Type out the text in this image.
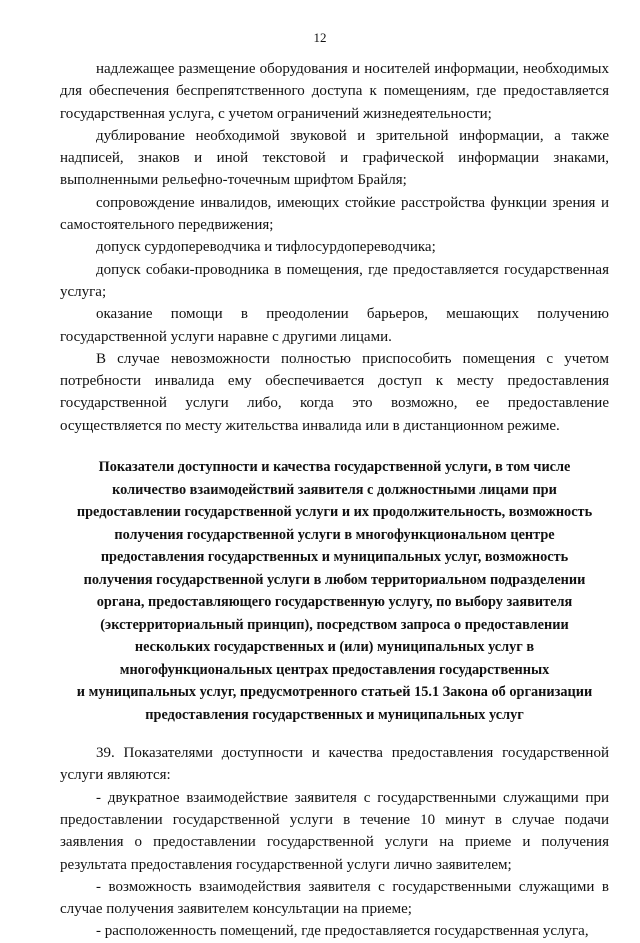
12

надлежащее размещение оборудования и носителей информации, необходимых для обеспечения беспрепятственного доступа к помещениям, где предоставляется государственная услуга, с учетом ограничений жизнедеятельности;

дублирование необходимой звуковой и зрительной информации, а также надписей, знаков и иной текстовой и графической информации знаками, выполненными рельефно-точечным шрифтом Брайля;

сопровождение инвалидов, имеющих стойкие расстройства функции зрения и самостоятельного передвижения;

допуск сурдопереводчика и тифлосурдопереводчика;

допуск собаки-проводника в помещения, где предоставляется государственная услуга;

оказание помощи в преодолении барьеров, мешающих получению государственной услуги наравне с другими лицами.

В случае невозможности полностью приспособить помещения с учетом потребности инвалида ему обеспечивается доступ к месту предоставления государственной услуги либо, когда это возможно, ее предоставление осуществляется по месту жительства инвалида или в дистанционном режиме.

Показатели доступности и качества государственной услуги, в том числе

количество взаимодействий заявителя с должностными лицами при

предоставлении государственной услуги и их продолжительность, возможность

получения государственной услуги в многофункциональном центре

предоставления государственных и муниципальных услуг, возможность

получения государственной услуги в любом территориальном подразделении

органа, предоставляющего государственную услугу, по выбору заявителя

(экстерриториальный принцип), посредством запроса о предоставлении

нескольких государственных и (или) муниципальных услуг в

многофункциональных центрах предоставления государственных

и муниципальных услуг, предусмотренного статьей 15.1 Закона об организации

предоставления государственных и муниципальных услуг

39. Показателями доступности и качества предоставления государственной услуги являются:

- двукратное взаимодействие заявителя с государственными служащими при предоставлении государственной услуги в течение 10 минут в случае подачи заявления о предоставлении государственной услуги на приеме и получения результата предоставления государственной услуги лично заявителем;

- возможность взаимодействия заявителя с государственными служащими в случае получения заявителем консультации на приеме;

- расположенность помещений, где предоставляется государственная услуга,
